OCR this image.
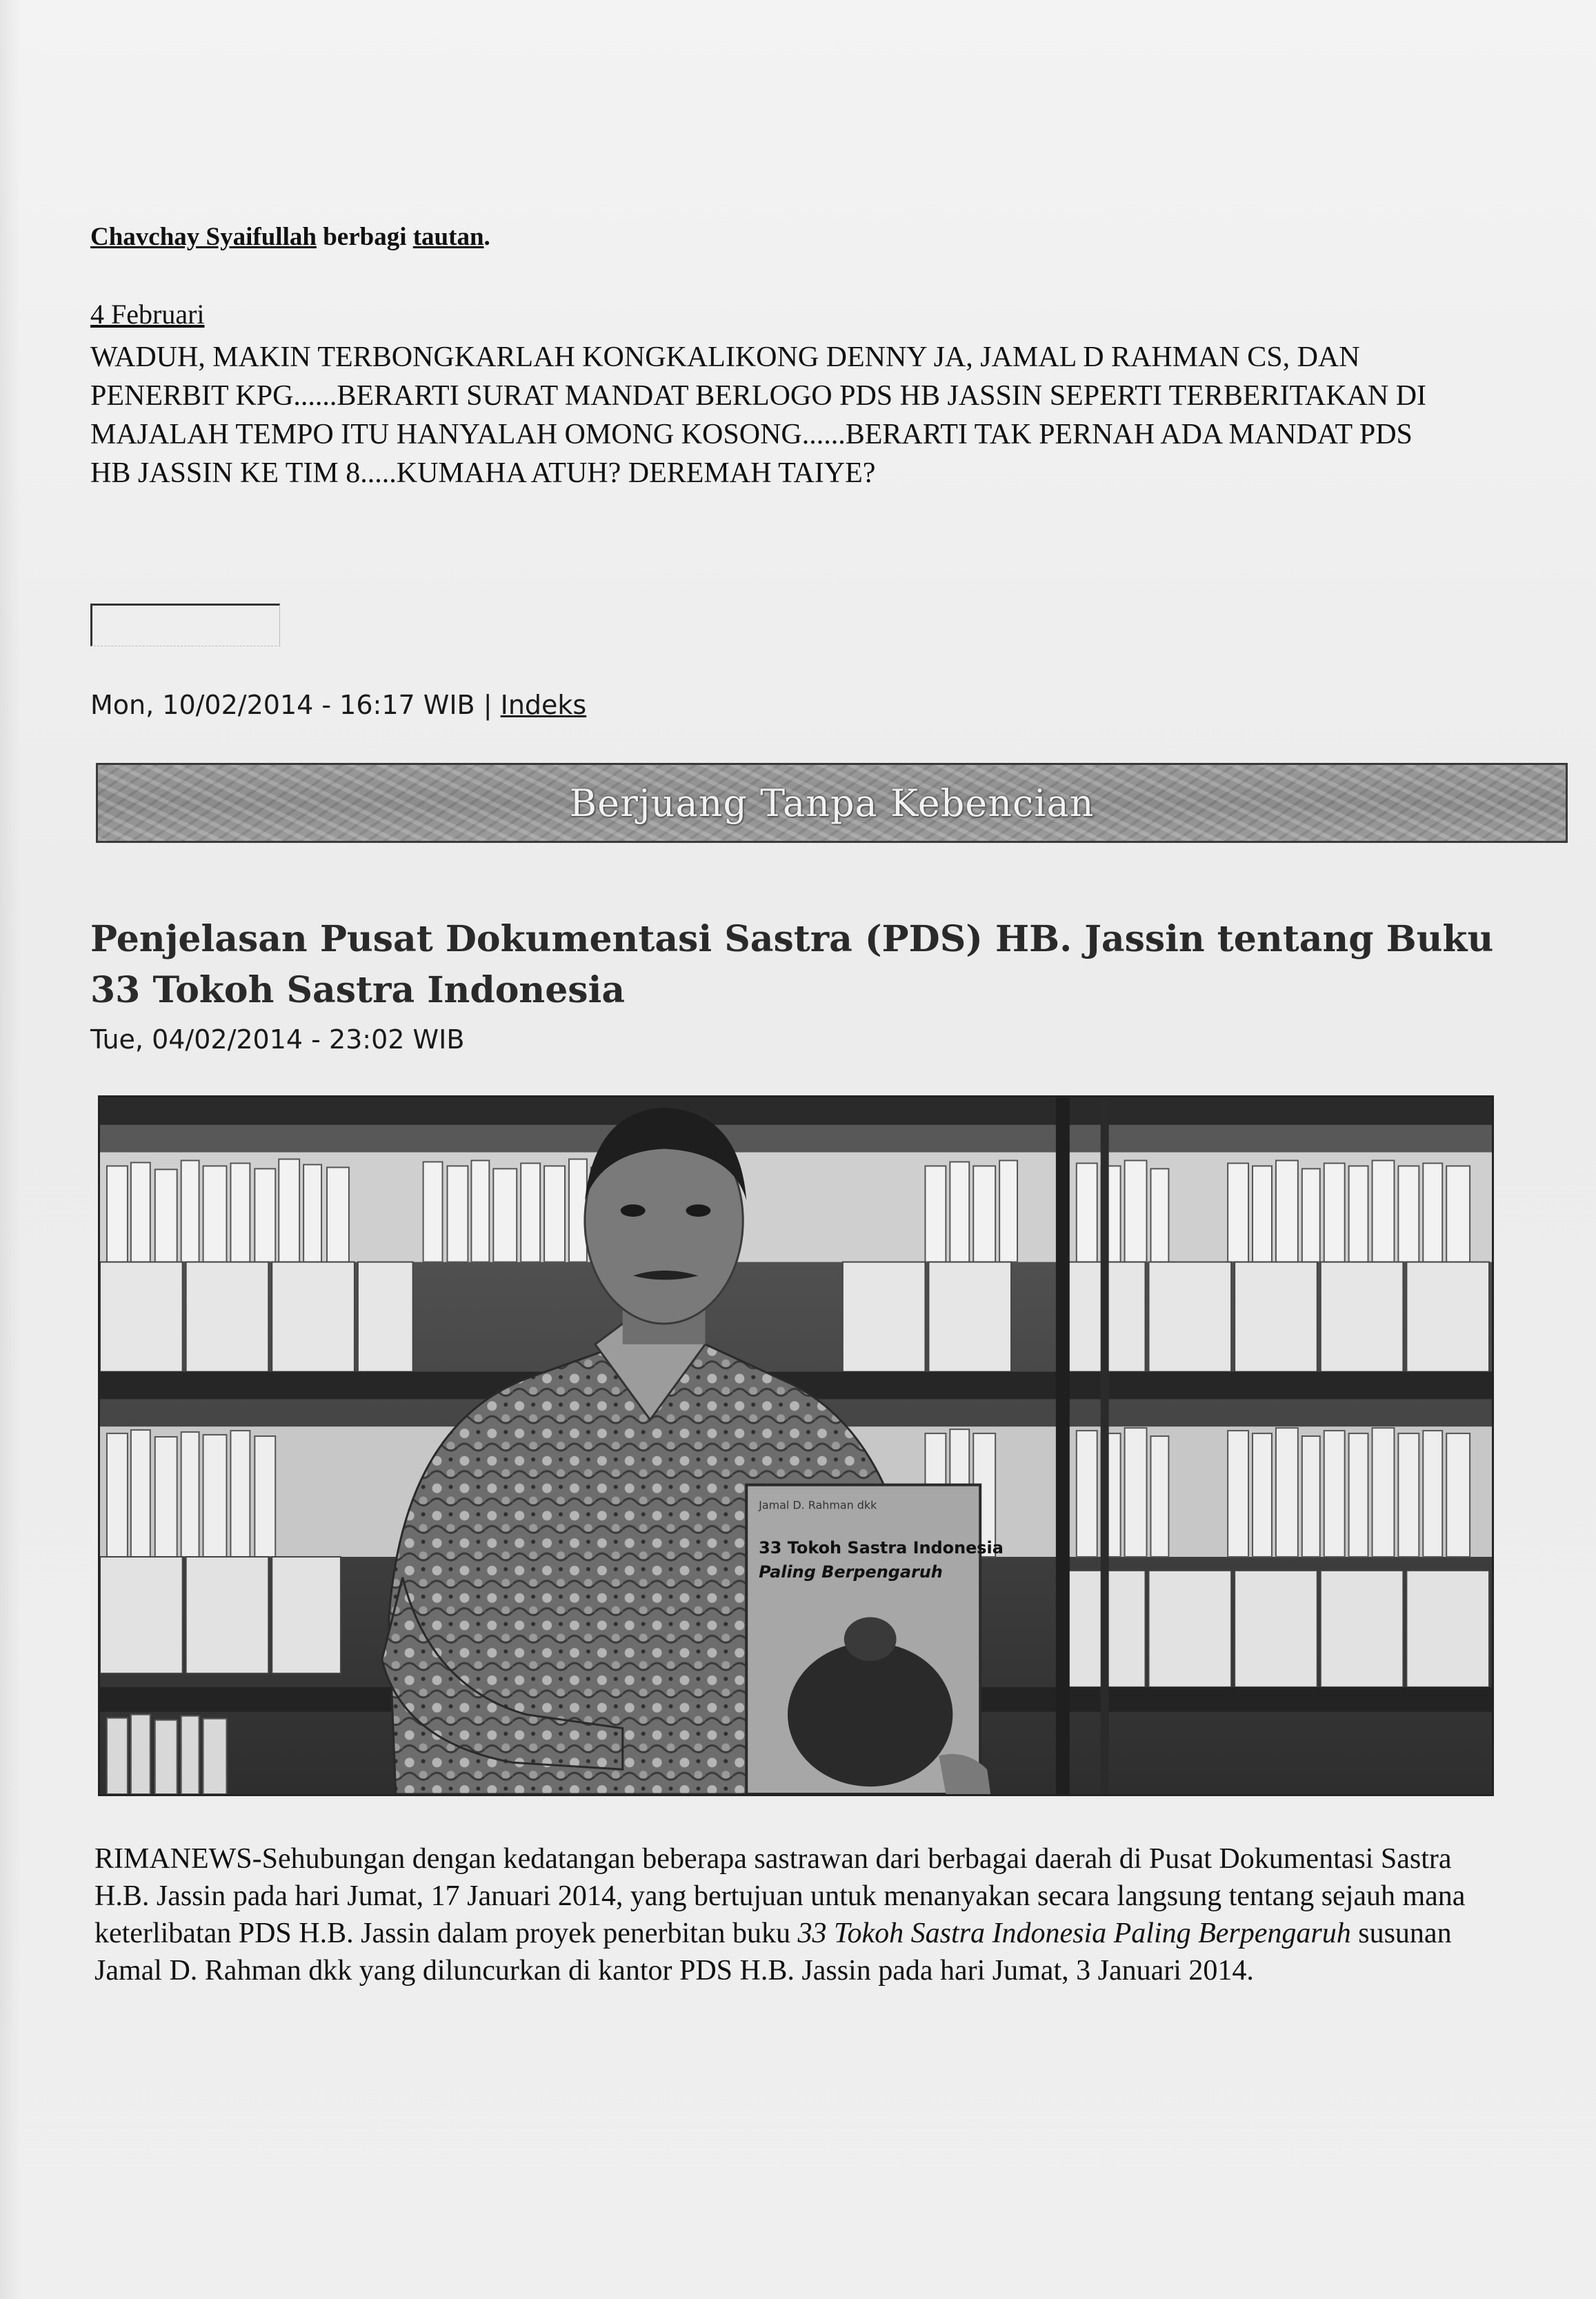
Chavchay Syaifullah berbagi tautan.
4 Februari
WADUH, MAKIN TERBONGKARLAH KONGKALIKONG DENNY JA, JAMAL D RAHMAN CS, DAN PENERBIT KPG......BERARTI SURAT MANDAT BERLOGO PDS HB JASSIN SEPERTI TERBERITAKAN DI MAJALAH TEMPO ITU HANYALAH OMONG KOSONG......BERARTI TAK PERNAH ADA MANDAT PDS HB JASSIN KE TIM 8.....KUMAHA ATUH? DEREMAH TAIYE?
Mon, 10/02/2014 - 16:17 WIB | Indeks
Berjuang Tanpa Kebencian
Penjelasan Pusat Dokumentasi Sastra (PDS) HB. Jassin tentang Buku 33 Tokoh Sastra Indonesia
Tue, 04/02/2014 - 23:02 WIB
Jamal D. Rahman dkk
33 Tokoh Sastra Indonesia
Paling Berpengaruh
RIMANEWS-Sehubungan dengan kedatangan beberapa sastrawan dari berbagai daerah di Pusat Dokumentasi Sastra H.B. Jassin pada hari Jumat, 17 Januari 2014, yang bertujuan untuk menanyakan secara langsung tentang sejauh mana keterlibatan PDS H.B. Jassin dalam proyek penerbitan buku 33 Tokoh Sastra Indonesia Paling Berpengaruh susunan Jamal D. Rahman dkk yang diluncurkan di kantor PDS H.B. Jassin pada hari Jumat, 3 Januari 2014.
